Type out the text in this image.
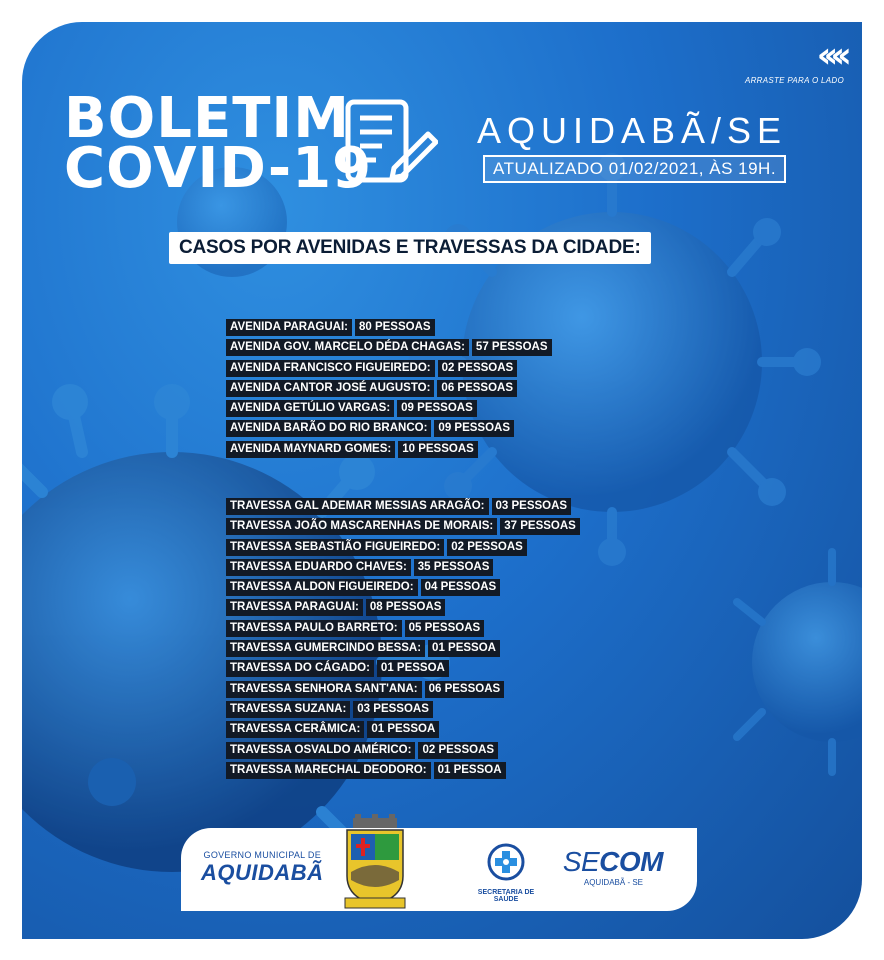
‹‹‹‹
ARRASTE PARA O LADO
BOLETIM
COVID-19
AQUIDABÃ/SE
ATUALIZADO 01/02/2021, ÀS 19H.
CASOS POR AVENIDAS E TRAVESSAS DA CIDADE:
AVENIDA PARAGUAI: 80 PESSOAS
AVENIDA GOV. MARCELO DÉDA CHAGAS: 57 PESSOAS
AVENIDA FRANCISCO FIGUEIREDO: 02 PESSOAS
AVENIDA CANTOR JOSÉ AUGUSTO: 06 PESSOAS
AVENIDA GETÚLIO VARGAS: 09 PESSOAS
AVENIDA BARÃO DO RIO BRANCO: 09 PESSOAS
AVENIDA MAYNARD GOMES: 10 PESSOAS
TRAVESSA GAL ADEMAR MESSIAS ARAGÃO: 03 PESSOAS
TRAVESSA JOÃO MASCARENHAS DE MORAIS: 37 PESSOAS
TRAVESSA SEBASTIÃO FIGUEIREDO: 02 PESSOAS
TRAVESSA EDUARDO CHAVES: 35 PESSOAS
TRAVESSA ALDON FIGUEIREDO: 04 PESSOAS
TRAVESSA PARAGUAI: 08 PESSOAS
TRAVESSA PAULO BARRETO: 05 PESSOAS
TRAVESSA GUMERCINDO BESSA: 01 PESSOA
TRAVESSA DO CÁGADO: 01 PESSOA
TRAVESSA SENHORA SANT'ANA: 06 PESSOAS
TRAVESSA SUZANA: 03 PESSOAS
TRAVESSA CERÂMICA: 01 PESSOA
TRAVESSA OSVALDO AMÉRICO: 02 PESSOAS
TRAVESSA MARECHAL DEODORO: 01 PESSOA
GOVERNO MUNICIPAL DE
AQUIDABÃ
SECRETARIA DE SAÚDE
SECOM
AQUIDABÃ - SE
